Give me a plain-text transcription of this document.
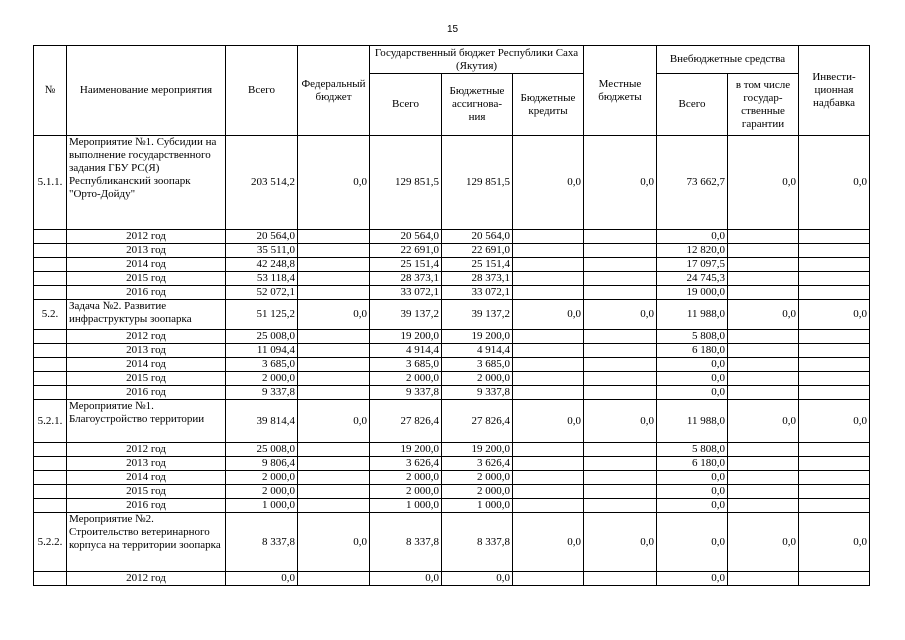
15
№	Наименование мероприятия	Всего	Федеральный бюджет	Государственный бюджет Республики Саха (Якутия)			Местные бюджеты	Внебюджетные средства		Инвести-ционная надбавка
				Всего	Бюджетные ассигнова-ния	Бюджетные кредиты		Всего	в том числе государ-ственные гарантии	
5.1.1.	Мероприятие №1. Субсидии на выполнение государственного задания ГБУ РС(Я) Республиканский зоопарк "Орто-Дойду"	203 514,2	0,0	129 851,5	129 851,5	0,0	0,0	73 662,7	0,0	0,0
	2012 год	20 564,0		20 564,0	20 564,0			0,0		
	2013 год	35 511,0		22 691,0	22 691,0			12 820,0		
	2014 год	42 248,8		25 151,4	25 151,4			17 097,5		
	2015 год	53 118,4		28 373,1	28 373,1			24 745,3		
	2016 год	52 072,1		33 072,1	33 072,1			19 000,0		
5.2.	Задача №2. Развитие инфраструктуры зоопарка	51 125,2	0,0	39 137,2	39 137,2	0,0	0,0	11 988,0	0,0	0,0
	2012 год	25 008,0		19 200,0	19 200,0			5 808,0		
	2013 год	11 094,4		4 914,4	4 914,4			6 180,0		
	2014 год	3 685,0		3 685,0	3 685,0			0,0		
	2015 год	2 000,0		2 000,0	2 000,0			0,0		
	2016 год	9 337,8		9 337,8	9 337,8			0,0		
5.2.1.	Мероприятие №1. Благоустройство территории	39 814,4	0,0	27 826,4	27 826,4	0,0	0,0	11 988,0	0,0	0,0
	2012 год	25 008,0		19 200,0	19 200,0			5 808,0		
	2013 год	9 806,4		3 626,4	3 626,4			6 180,0		
	2014 год	2 000,0		2 000,0	2 000,0			0,0		
	2015 год	2 000,0		2 000,0	2 000,0			0,0		
	2016 год	1 000,0		1 000,0	1 000,0			0,0		
5.2.2.	Мероприятие №2. Строительство ветеринарного корпуса на территории зоопарка	8 337,8	0,0	8 337,8	8 337,8	0,0	0,0	0,0	0,0	0,0
	2012 год	0,0		0,0	0,0			0,0		
